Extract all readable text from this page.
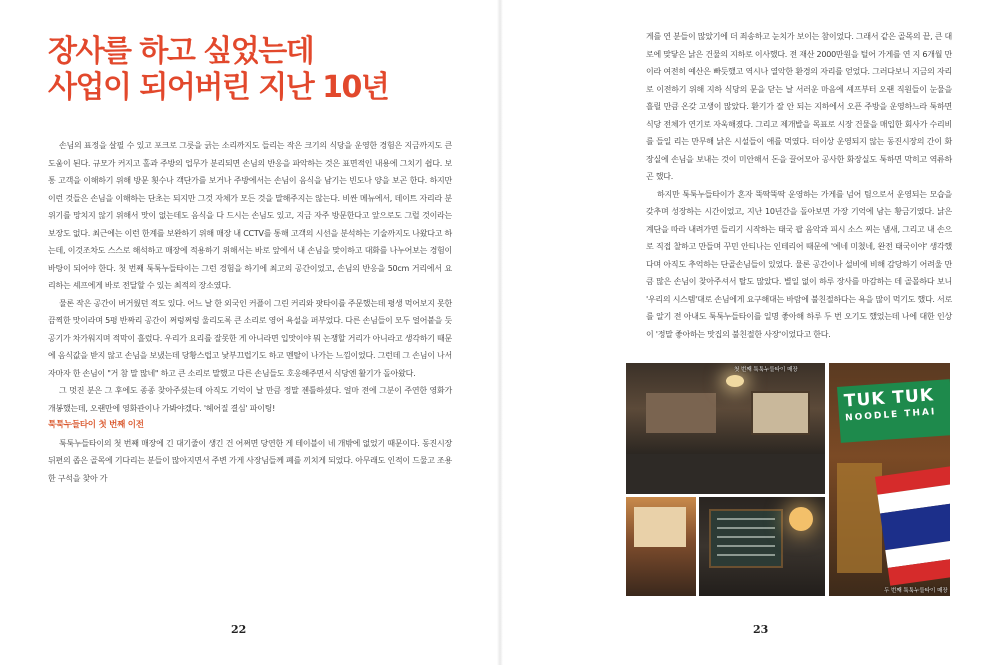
장사를 하고 싶었는데
사업이 되어버린 지난 10년

손님의 표정을 살필 수 있고 포크로 그릇을 긁는 소리까지도 들리는 작은 크기의 식당을 운영한 경험은 지금까지도 큰 도움이 된다. 규모가 커지고 홀과 주방의 업무가 분리되면 손님의 반응을 파악하는 것은 표면적인 내용에 그치기 쉽다. 보통 고객을 이해하기 위해 방문 횟수나 객단가를 보거나 주방에서는 손님이 음식을 남기는 빈도나 양을 보곤 한다. 하지만 이런 것들은 손님을 이해하는 단초는 되지만 그것 자체가 모든 것을 말해주지는 않는다. 비싼 메뉴에서, 데이트 자리라 분위기를 망치지 않기 위해서 맛이 없는데도 음식을 다 드시는 손님도 있고, 지금 자주 방문한다고 앞으로도 그럴 것이라는 보장도 없다. 최근에는 이런 한계를 보완하기 위해 매장 내 CCTV를 통해 고객의 시선을 분석하는 기술까지도 나왔다고 하는데, 이것조차도 스스로 해석하고 매장에 적용하기 위해서는 바로 앞에서 내 손님을 맞이하고 대화를 나누어보는 경험이 바탕이 되어야 한다. 첫 번째 툭툭누들타이는 그런 경험을 하기에 최고의 공간이었고, 손님의 반응을 50cm 거리에서 요리하는 셰프에게 바로 전달할 수 있는 최적의 장소였다.

물론 작은 공간이 버거웠던 적도 있다. 어느 날 한 외국인 커플이 그린 커리와 팟타이를 주문했는데 평생 먹어보지 못한 끔찍한 맛이라며 5평 반짜리 공간이 쩌렁쩌렁 울리도록 큰 소리로 영어 욕설을 퍼부었다. 다른 손님들이 모두 얼어붙을 듯 공기가 차가워지며 적막이 흘렀다. 우리가 요리를 잘못한 게 아니라면 입맛이야 뭐 논쟁할 거리가 아니라고 생각하기 때문에 음식값을 받지 않고 손님을 보냈는데 당황스럽고 낯부끄럽기도 하고 멘탈이 나가는 느낌이었다. 그런데 그 손님이 나서자마자 한 손님이 "거 참 말 많네" 하고 큰 소리로 말했고 다른 손님들도 호응해주면서 식당엔 활기가 돌아왔다.

그 멋진 분은 그 후에도 종종 찾아주셨는데 아직도 기억이 날 만큼 정말 젠틀하셨다. 얼마 전에 그분이 주연한 영화가 개봉했는데, 오랜만에 영화관이나 가봐야겠다. '헤어질 결심' 파이팅!

툭툭누들타이 첫 번째 이전

툭툭누들타이의 첫 번째 매장에 긴 대기줄이 생긴 건 어쩌면 당연한 게 테이블이 네 개밖에 없었기 때문이다. 동진시장 뒤편의 좁은 골목에 기다리는 분들이 많아지면서 주변 가게 사장님들께 폐를 끼치게 되었다. 아무래도 인적이 드물고 조용한 구석을 찾아 가

22

게를 연 분들이 많았기에 더 죄송하고 눈치가 보이는 참이었다. 그래서 같은 골목의 끝, 큰 대로에 맞닿은 낡은 건물의 지하로 이사했다. 전 재산 2000만원을 털어 가게를 연 지 6개월 만이라 여전히 예산은 빠듯했고 역시나 열악한 환경의 자리를 얻었다. 그러다보니 지금의 자리로 이전하기 위해 지하 식당의 문을 닫는 날 서러운 마음에 셰프부터 오랜 직원들이 눈물을 흘릴 만큼 온갖 고생이 많았다. 환기가 잘 안 되는 지하에서 오픈 주방을 운영하느라 툭하면 식당 전체가 연기로 자욱해졌다. 그리고 제개발을 목표로 시장 건물을 매입한 회사가 수리비를 들일 리는 만무해 낡은 시설들이 애를 먹였다. 더이상 운영되지 않는 동진시장의 간이 화장실에 손님을 보내는 것이 미안해서 돈을 끌어모아 공사한 화장실도 툭하면 막히고 역류하곤 했다.

하지만 툭툭누들타이가 혼자 뚝딱뚝딱 운영하는 가게를 넘어 팀으로서 운영되는 모습을 갖추며 성장하는 시간이었고, 지난 10년간을 돌아보면 가장 기억에 남는 황금기였다. 낡은 계단을 따라 내려가면 들리기 시작하는 태국 팝 음악과 피시 소스 찌는 냄새, 그리고 내 손으로 직접 찰하고 만들며 꾸민 안티나는 인테리어 때문에 '에네 미쳤네, 완전 태국이야' 생각했다며 아직도 추억하는 단골손님들이 있었다. 물론 공간이나 설비에 비해 감당하기 어려울 만큼 많은 손님이 찾아주셔서 탈도 많았다. 별일 없이 하루 장사를 마감하는 데 골몰하다 보니 '우리의 시스템'대로 손님에게 요구해대는 바람에 불친절하다는 욕을 많이 먹기도 했다. 서로를 알기 전 아내도 툭툭누들타이를 일명 좋아해 하루 두 번 오기도 했었는데 나에 대한 인상이 '정말 좋아하는 맛집의 불친절한 사장'이었다고 한다.

첫 번째 툭툭누들타이 매장
TUK TUK
NOODLE THAI
두 번째 툭툭누들타이 매장
23
